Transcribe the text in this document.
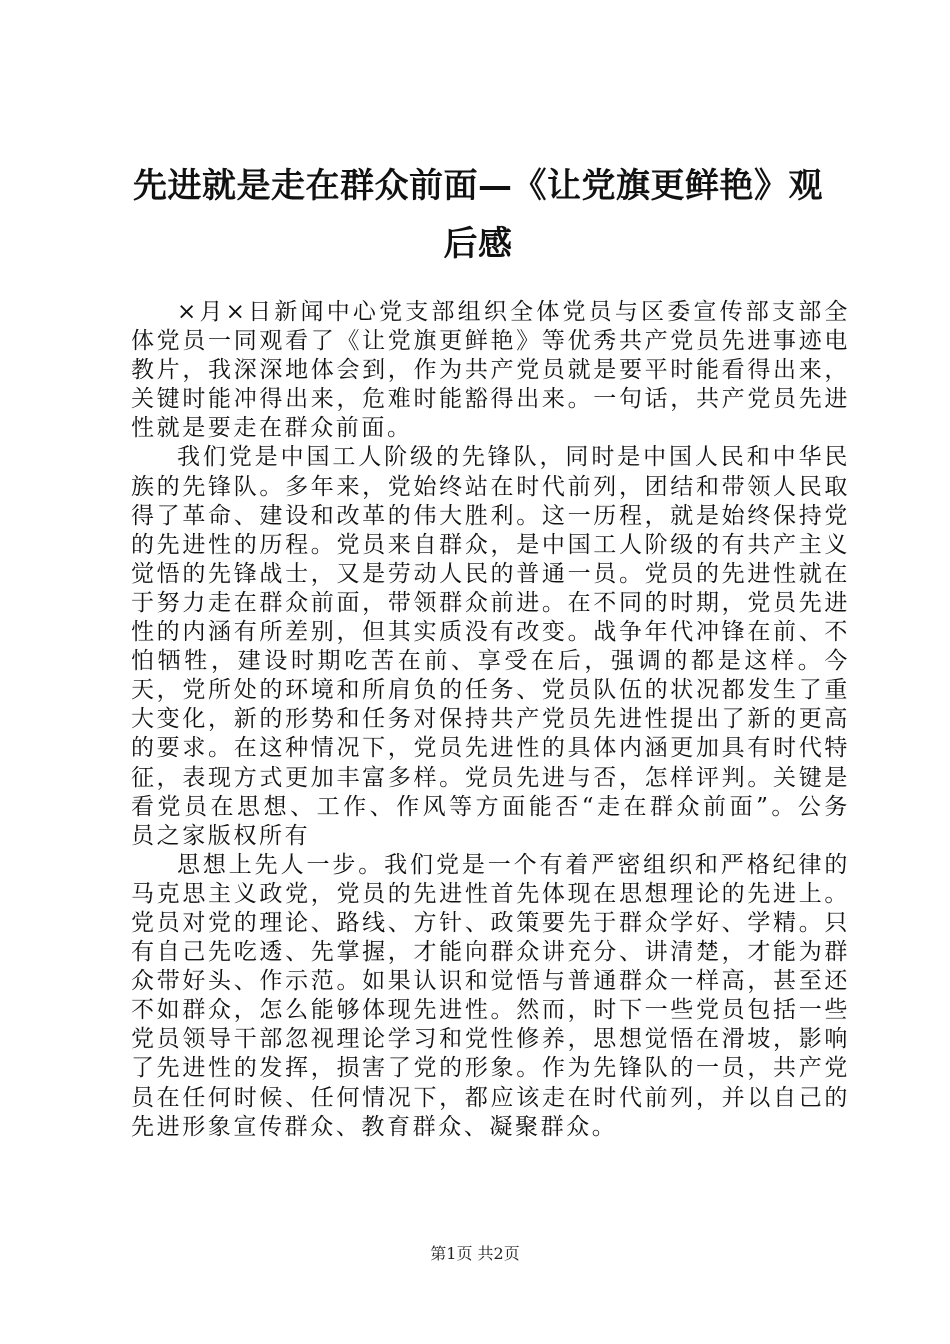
先进就是走在群众前面—《让党旗更鲜艳》观后感

×月×日新闻中心党支部组织全体党员与区委宣传部支部全体党员一同观看了《让党旗更鲜艳》等优秀共产党员先进事迹电教片，我深深地体会到，作为共产党员就是要平时能看得出来，关键时能冲得出来，危难时能豁得出来。一句话，共产党员先进性就是要走在群众前面。

我们党是中国工人阶级的先锋队，同时是中国人民和中华民族的先锋队。多年来，党始终站在时代前列，团结和带领人民取得了革命、建设和改革的伟大胜利。这一历程，就是始终保持党的先进性的历程。党员来自群众，是中国工人阶级的有共产主义觉悟的先锋战士，又是劳动人民的普通一员。党员的先进性就在于努力走在群众前面，带领群众前进。在不同的时期，党员先进性的内涵有所差别，但其实质没有改变。战争年代冲锋在前、不怕牺牲，建设时期吃苦在前、享受在后，强调的都是这样。今天，党所处的环境和所肩负的任务、党员队伍的状况都发生了重大变化，新的形势和任务对保持共产党员先进性提出了新的更高的要求。在这种情况下，党员先进性的具体内涵更加具有时代特征，表现方式更加丰富多样。党员先进与否，怎样评判。关键是看党员在思想、工作、作风等方面能否“走在群众前面”。公务员之家版权所有

思想上先人一步。我们党是一个有着严密组织和严格纪律的马克思主义政党，党员的先进性首先体现在思想理论的先进上。党员对党的理论、路线、方针、政策要先于群众学好、学精。只有自己先吃透、先掌握，才能向群众讲充分、讲清楚，才能为群众带好头、作示范。如果认识和觉悟与普通群众一样高，甚至还不如群众，怎么能够体现先进性。然而，时下一些党员包括一些党员领导干部忽视理论学习和党性修养，思想觉悟在滑坡，影响了先进性的发挥，损害了党的形象。作为先锋队的一员，共产党员在任何时候、任何情况下，都应该走在时代前列，并以自己的先进形象宣传群众、教育群众、凝聚群众。

第1页 共2页
